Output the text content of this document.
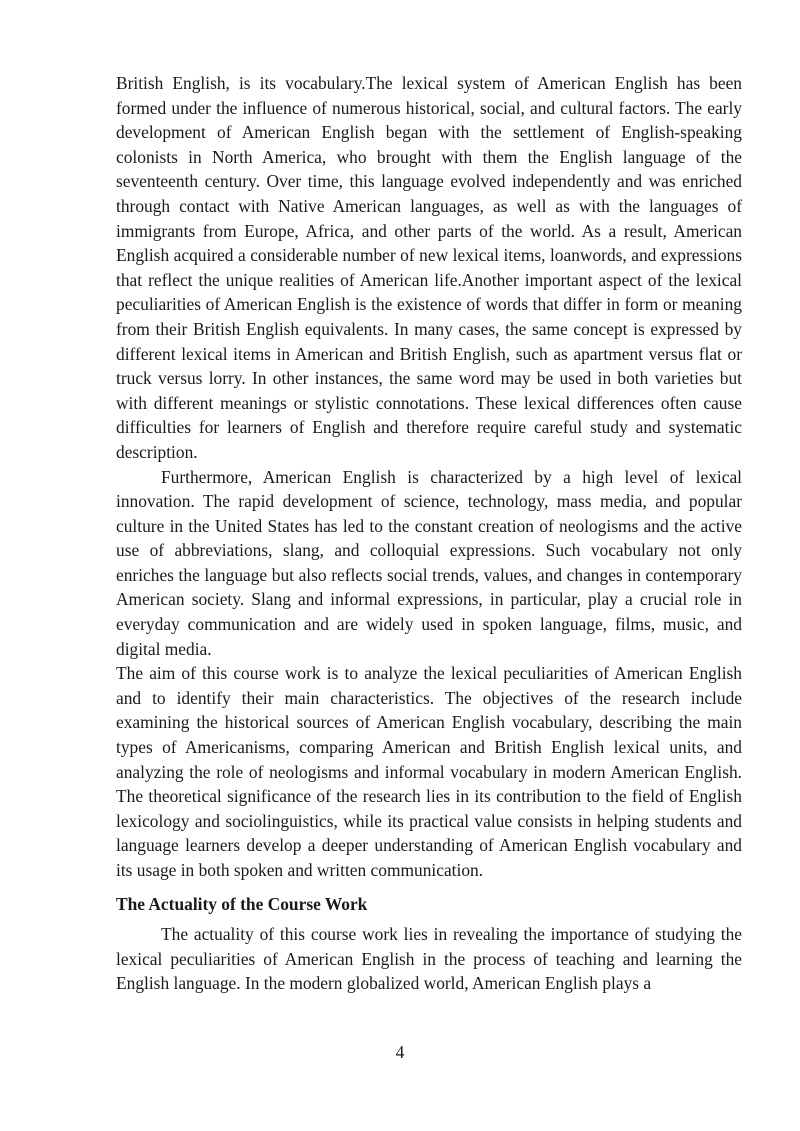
British English, is its vocabulary.The lexical system of American English has been formed under the influence of numerous historical, social, and cultural factors. The early development of American English began with the settlement of English-speaking colonists in North America, who brought with them the English language of the seventeenth century. Over time, this language evolved independently and was enriched through contact with Native American languages, as well as with the languages of immigrants from Europe, Africa, and other parts of the world. As a result, American English acquired a considerable number of new lexical items, loanwords, and expressions that reflect the unique realities of American life.Another important aspect of the lexical peculiarities of American English is the existence of words that differ in form or meaning from their British English equivalents. In many cases, the same concept is expressed by different lexical items in American and British English, such as apartment versus flat or truck versus lorry. In other instances, the same word may be used in both varieties but with different meanings or stylistic connotations. These lexical differences often cause difficulties for learners of English and therefore require careful study and systematic description.

Furthermore, American English is characterized by a high level of lexical innovation. The rapid development of science, technology, mass media, and popular culture in the United States has led to the constant creation of neologisms and the active use of abbreviations, slang, and colloquial expressions. Such vocabulary not only enriches the language but also reflects social trends, values, and changes in contemporary American society. Slang and informal expressions, in particular, play a crucial role in everyday communication and are widely used in spoken language, films, music, and digital media.

The aim of this course work is to analyze the lexical peculiarities of American English and to identify their main characteristics. The objectives of the research include examining the historical sources of American English vocabulary, describing the main types of Americanisms, comparing American and British English lexical units, and analyzing the role of neologisms and informal vocabulary in modern American English. The theoretical significance of the research lies in its contribution to the field of English lexicology and sociolinguistics, while its practical value consists in helping students and language learners develop a deeper understanding of American English vocabulary and its usage in both spoken and written communication.

The Actuality of the Course Work

The actuality of this course work lies in revealing the importance of studying the lexical peculiarities of American English in the process of teaching and learning the English language. In the modern globalized world, American English plays a

4
